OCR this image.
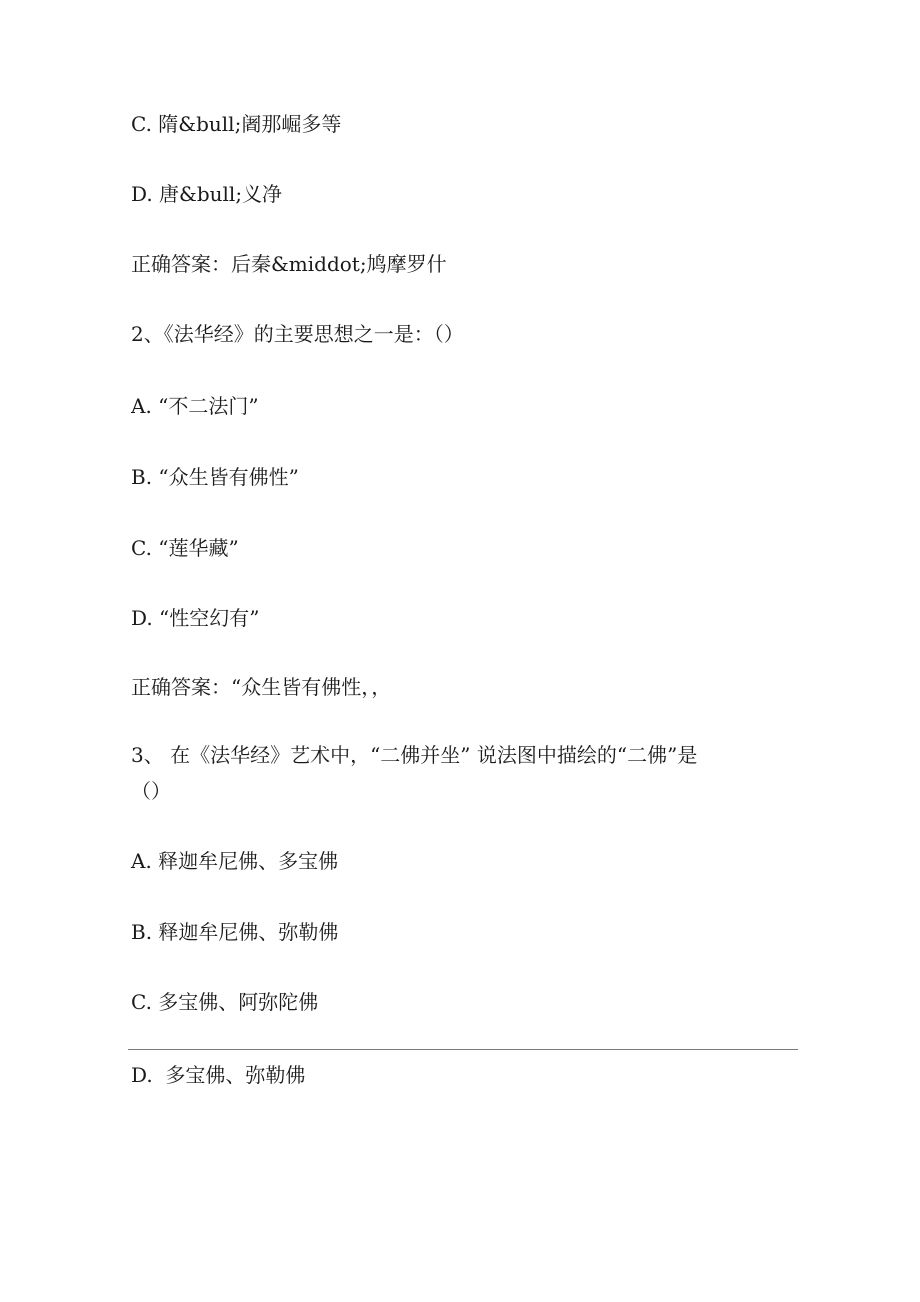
C. 隋&bull;阇那崛多等
D. 唐&bull;义净
正确答案：后秦&middot;鸠摩罗什
2、《法华经》的主要思想之一是：（）
A. “不二法门”
B. “众生皆有佛性”
C. “莲华藏”
D. “性空幻有”
正确答案：“众生皆有佛性，，
3、 在《法华经》艺术中，“二佛并坐” 说法图中描绘的“二佛”是
（）
A. 释迦牟尼佛、多宝佛
B. 释迦牟尼佛、弥勒佛
C. 多宝佛、阿弥陀佛
D.  多宝佛、弥勒佛
